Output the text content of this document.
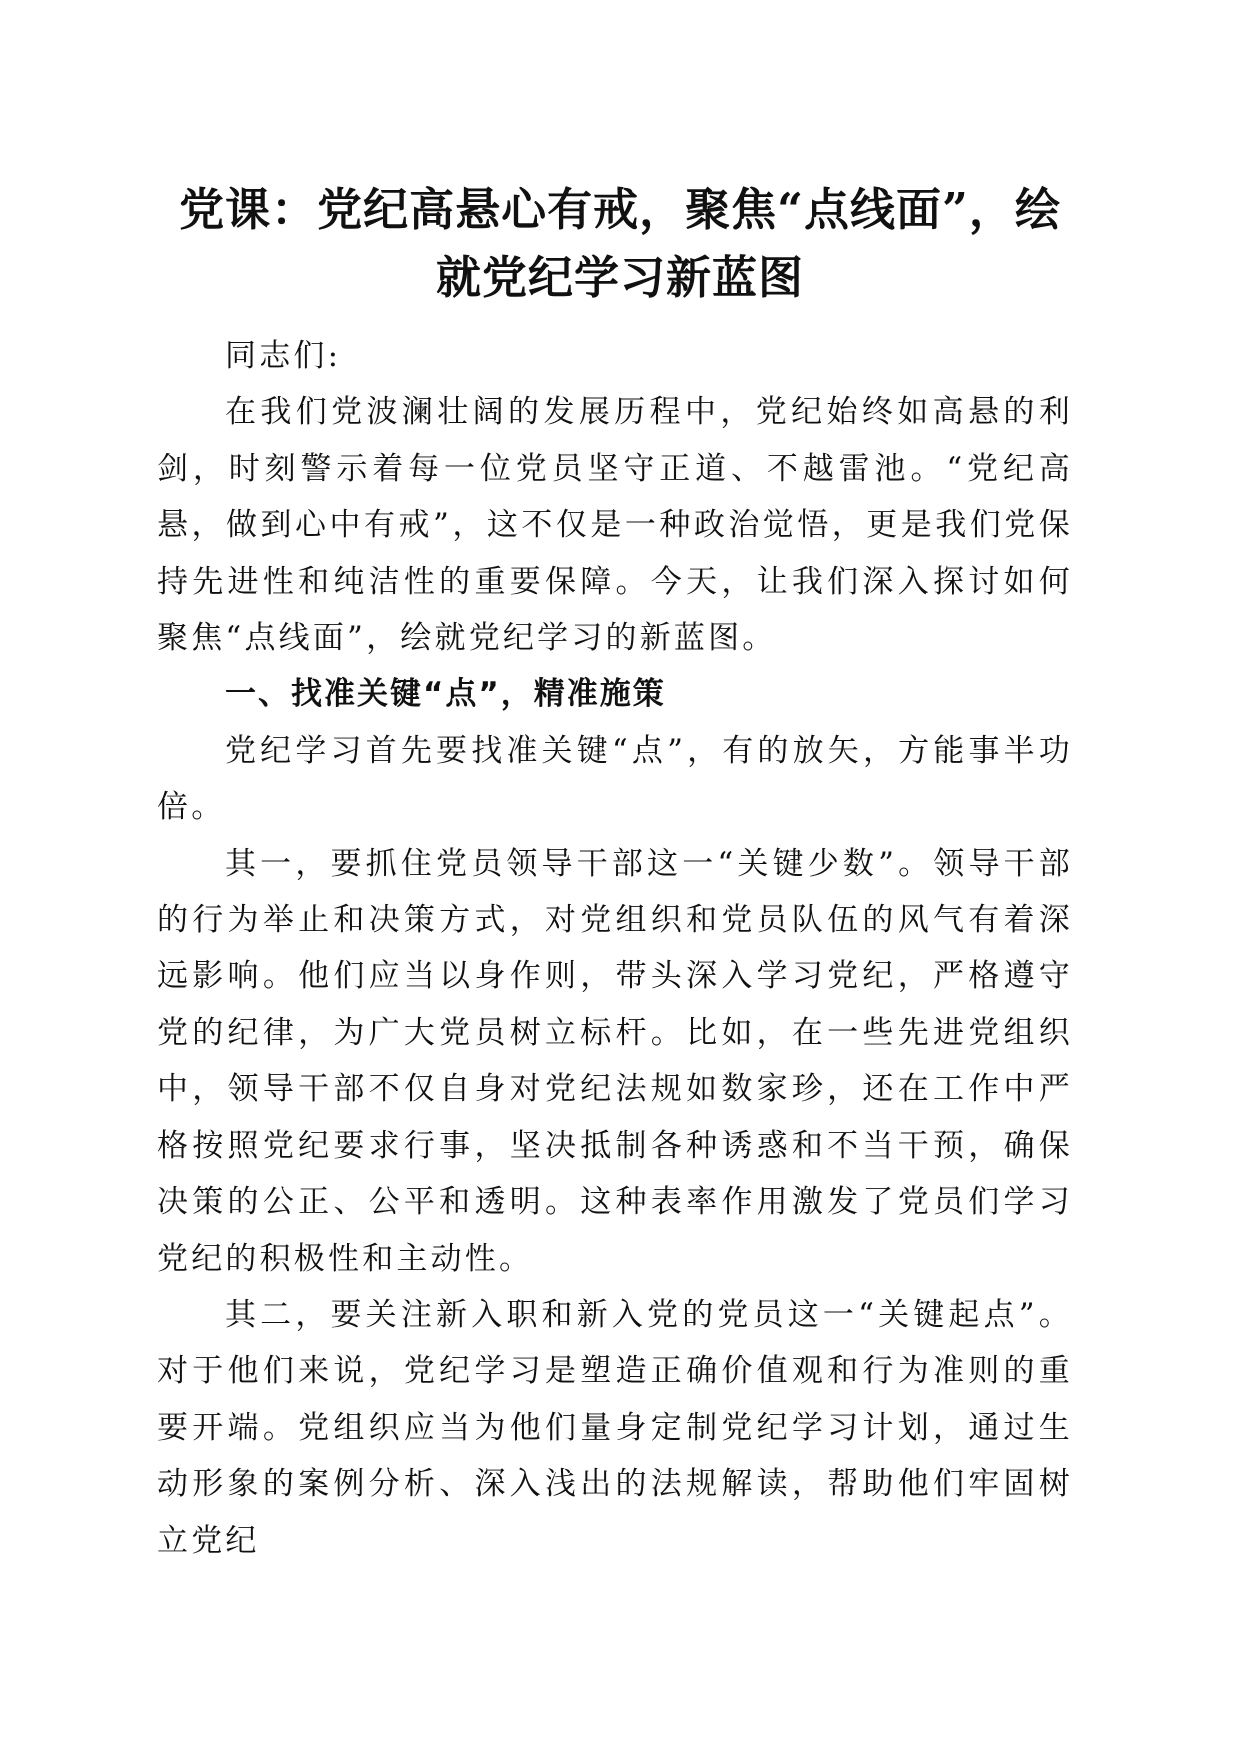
党课：党纪高悬心有戒，聚焦“点线面”，绘
就党纪学习新蓝图

同志们:

在我们党波澜壮阔的发展历程中，党纪始终如高悬的利剑，时刻警示着每一位党员坚守正道、不越雷池。“党纪高悬，做到心中有戒”，这不仅是一种政治觉悟，更是我们党保持先进性和纯洁性的重要保障。今天，让我们深入探讨如何聚焦“点线面”，绘就党纪学习的新蓝图。

一、找准关键“点”，精准施策

党纪学习首先要找准关键“点”，有的放矢，方能事半功倍。

其一，要抓住党员领导干部这一“关键少数”。领导干部的行为举止和决策方式，对党组织和党员队伍的风气有着深远影响。他们应当以身作则，带头深入学习党纪，严格遵守党的纪律，为广大党员树立标杆。比如，在一些先进党组织中，领导干部不仅自身对党纪法规如数家珍，还在工作中严格按照党纪要求行事，坚决抵制各种诱惑和不当干预，确保决策的公正、公平和透明。这种表率作用激发了党员们学习党纪的积极性和主动性。

其二，要关注新入职和新入党的党员这一“关键起点”。对于他们来说，党纪学习是塑造正确价值观和行为准则的重要开端。党组织应当为他们量身定制党纪学习计划，通过生动形象的案例分析、深入浅出的法规解读，帮助他们牢固树立党纪
